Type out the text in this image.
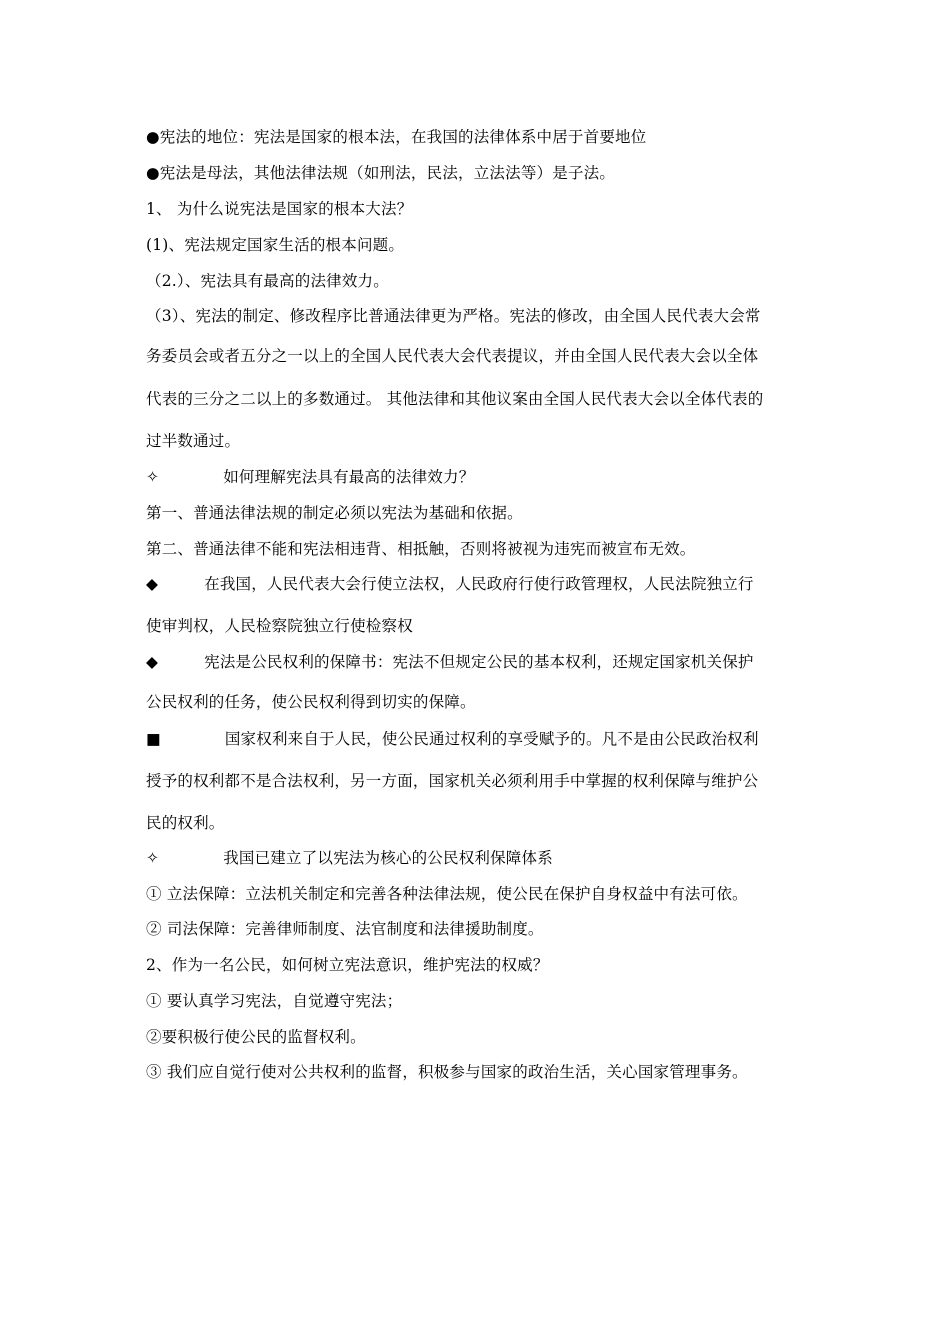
●宪法的地位：宪法是国家的根本法，在我国的法律体系中居于首要地位
●宪法是母法，其他法律法规（如刑法，民法，立法法等）是子法。
1、 为什么说宪法是国家的根本大法？
(1)、宪法规定国家生活的根本问题。
（2.）、宪法具有最高的法律效力。
（3）、宪法的制定、修改程序比普通法律更为严格。宪法的修改，由全国人民代表大会常
务委员会或者五分之一以上的全国人民代表大会代表提议，并由全国人民代表大会以全体
代表的三分之二以上的多数通过。 其他法律和其他议案由全国人民代表大会以全体代表的
过半数通过。
✧	如何理解宪法具有最高的法律效力？
第一、普通法律法规的制定必须以宪法为基础和依据。
第二、普通法律不能和宪法相违背、相抵触，否则将被视为违宪而被宣布无效。
◆	在我国，人民代表大会行使立法权，人民政府行使行政管理权，人民法院独立行
使审判权，人民检察院独立行使检察权
◆	宪法是公民权利的保障书：宪法不但规定公民的基本权利，还规定国家机关保护
公民权利的任务，使公民权利得到切实的保障。
■	国家权利来自于人民，使公民通过权利的享受赋予的。凡不是由公民政治权利
授予的权利都不是合法权利，另一方面，国家机关必须利用手中掌握的权利保障与维护公
民的权利。
✧	我国已建立了以宪法为核心的公民权利保障体系
① 立法保障：立法机关制定和完善各种法律法规，使公民在保护自身权益中有法可依。
② 司法保障：完善律师制度、法官制度和法律援助制度。
2、作为一名公民，如何树立宪法意识，维护宪法的权威？
① 要认真学习宪法，自觉遵守宪法；
②要积极行使公民的监督权利。
③ 我们应自觉行使对公共权利的监督，积极参与国家的政治生活，关心国家管理事务。
